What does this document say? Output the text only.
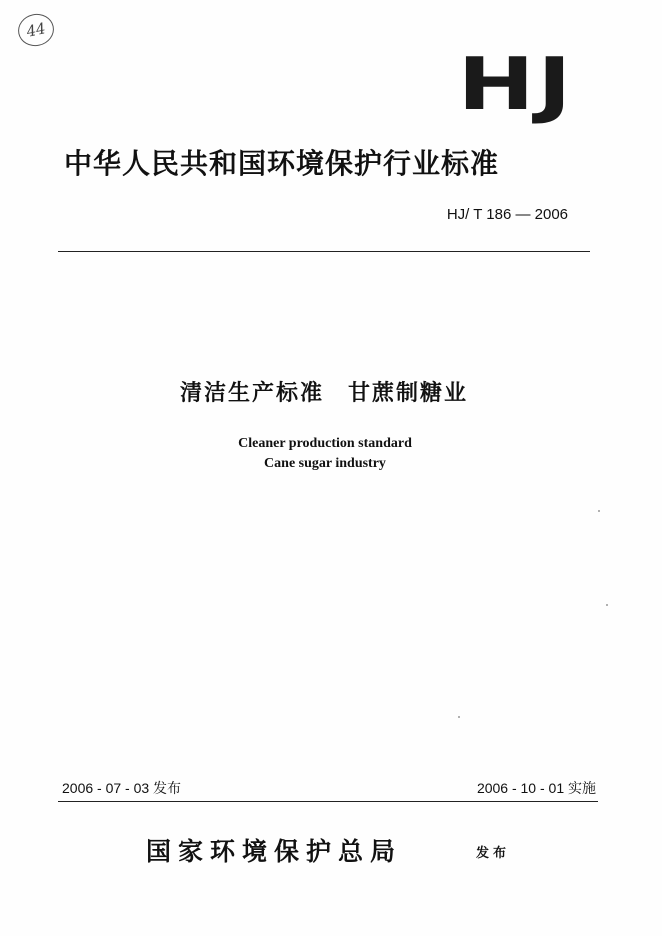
44
HJ
中华人民共和国环境保护行业标准
HJ/ T 186 — 2006
清洁生产标准　甘蔗制糖业
Cleaner production standard
Cane sugar industry
2006 - 07 - 03 发布	2006 - 10 - 01 实施
国家环境保护总局	发布
